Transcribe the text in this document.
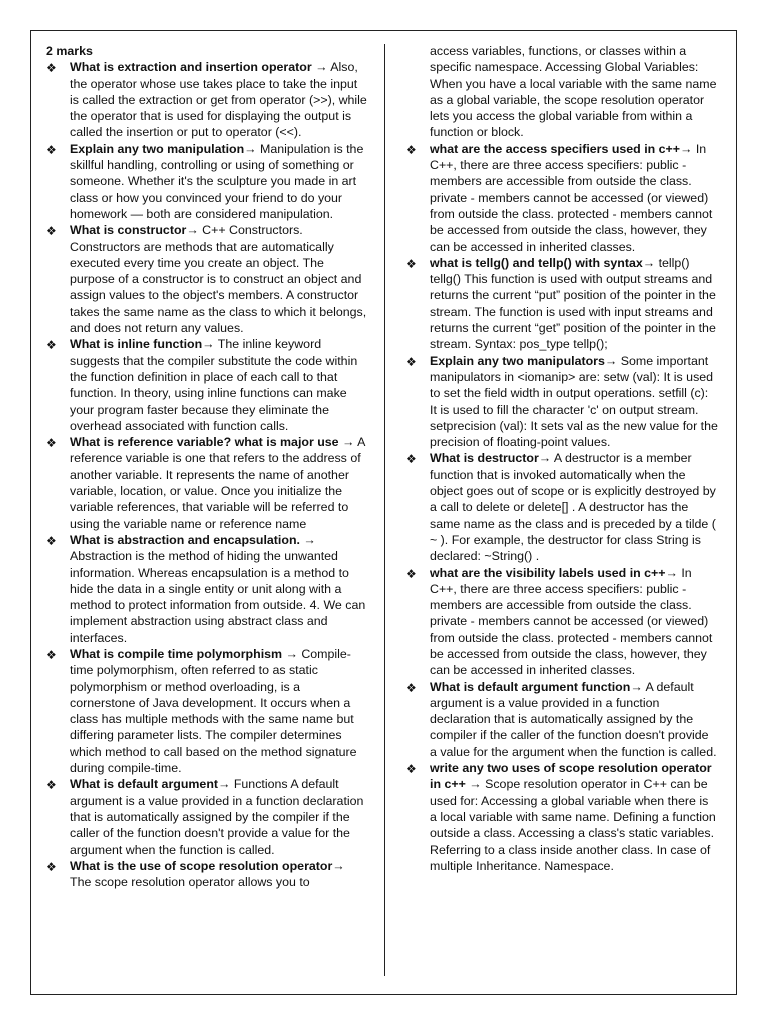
2 marks

❖ What is extraction and insertion operator → Also, the operator whose use takes place to take the input is called the extraction or get from operator (>>), while the operator that is used for displaying the output is called the insertion or put to operator (<<).
❖ Explain any two manipulation→ Manipulation is the skillful handling, controlling or using of something or someone. Whether it's the sculpture you made in art class or how you convinced your friend to do your homework — both are considered manipulation.
❖ What is constructor→ C++ Constructors. Constructors are methods that are automatically executed every time you create an object. The purpose of a constructor is to construct an object and assign values to the object's members. A constructor takes the same name as the class to which it belongs, and does not return any values.
❖ What is inline function→ The inline keyword suggests that the compiler substitute the code within the function definition in place of each call to that function. In theory, using inline functions can make your program faster because they eliminate the overhead associated with function calls.
❖ What is reference variable? what is major use → A reference variable is one that refers to the address of another variable. It represents the name of another variable, location, or value. Once you initialize the variable references, that variable will be referred to using the variable name or reference name
❖ What is abstraction and encapsulation. → Abstraction is the method of hiding the unwanted information. Whereas encapsulation is a method to hide the data in a single entity or unit along with a method to protect information from outside. 4. We can implement abstraction using abstract class and interfaces.
❖ What is compile time polymorphism → Compile-time polymorphism, often referred to as static polymorphism or method overloading, is a cornerstone of Java development. It occurs when a class has multiple methods with the same name but differing parameter lists. The compiler determines which method to call based on the method signature during compile-time.
❖ What is default argument→ Functions A default argument is a value provided in a function declaration that is automatically assigned by the compiler if the caller of the function doesn't provide a value for the argument when the function is called.
❖ What is the use of scope resolution operator→ The scope resolution operator allows you to

access variables, functions, or classes within a specific namespace. Accessing Global Variables: When you have a local variable with the same name as a global variable, the scope resolution operator lets you access the global variable from within a function or block.

❖ what are the access specifiers used in c++→ In C++, there are three access specifiers: public - members are accessible from outside the class. private - members cannot be accessed (or viewed) from outside the class. protected - members cannot be accessed from outside the class, however, they can be accessed in inherited classes.
❖ what is tellg() and tellp() with syntax→ tellp() tellg() This function is used with output streams and returns the current “put” position of the pointer in the stream. The function is used with input streams and returns the current “get” position of the pointer in the stream. Syntax: pos_type tellp();
❖ Explain any two manipulators→ Some important manipulators in <iomanip> are: setw (val): It is used to set the field width in output operations. setfill (c): It is used to fill the character 'c' on output stream. setprecision (val): It sets val as the new value for the precision of floating-point values.
❖ What is destructor→ A destructor is a member function that is invoked automatically when the object goes out of scope or is explicitly destroyed by a call to delete or delete[] . A destructor has the same name as the class and is preceded by a tilde ( ~ ). For example, the destructor for class String is declared: ~String() .
❖ what are the visibility labels used in c++→ In C++, there are three access specifiers: public - members are accessible from outside the class. private - members cannot be accessed (or viewed) from outside the class. protected - members cannot be accessed from outside the class, however, they can be accessed in inherited classes.
❖ What is default argument function→ A default argument is a value provided in a function declaration that is automatically assigned by the compiler if the caller of the function doesn't provide a value for the argument when the function is called.
❖ write any two uses of scope resolution operator in c++ → Scope resolution operator in C++ can be used for: Accessing a global variable when there is a local variable with same name. Defining a function outside a class. Accessing a class's static variables. Referring to a class inside another class. In case of multiple Inheritance. Namespace.
